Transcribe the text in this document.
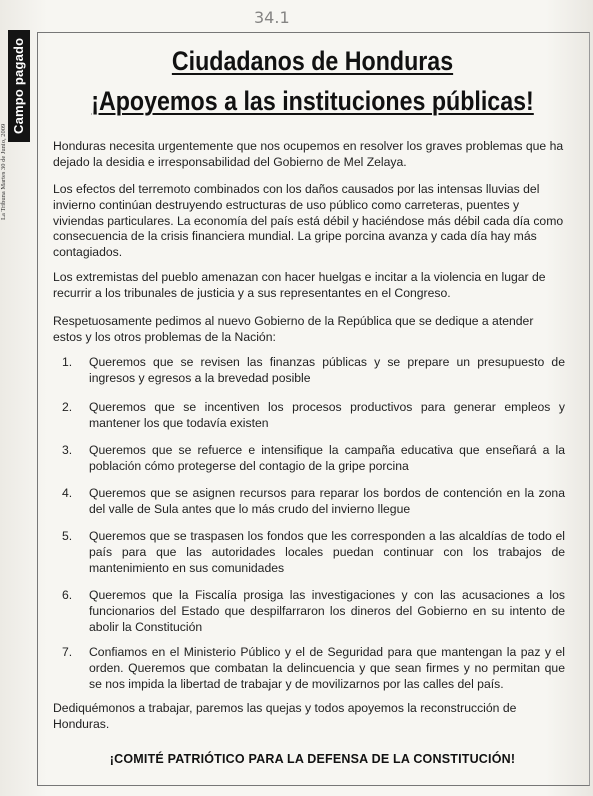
34.1
La Tribuna Martes 30 de Junio, 2009
Campo pagado	Ciudadanos de Honduras
¡Apoyemos a las instituciones públicas!
Honduras necesita urgentemente que nos ocupemos en resolver los graves problemas que ha dejado la desidia e irresponsabilidad del Gobierno de Mel Zelaya.
Los efectos del terremoto combinados con los daños causados por las intensas lluvias del invierno continúan destruyendo estructuras de uso público como carreteras, puentes y viviendas particulares. La economía del país está débil y haciéndose más débil cada día como consecuencia de la crisis financiera mundial. La gripe porcina avanza y cada día hay más contagiados.
Los extremistas del pueblo amenazan con hacer huelgas e incitar a la violencia en lugar de recurrir a los tribunales de justicia y a sus representantes en el Congreso.
Respetuosamente pedimos al nuevo Gobierno de la República que se dedique a atender estos y los otros problemas de la Nación:
1. Queremos que se revisen las finanzas públicas y se prepare un presupuesto de ingresos y egresos a la brevedad posible
2. Queremos que se incentiven los procesos productivos para generar empleos y mantener los que todavía existen
3. Queremos que se refuerce e intensifique la campaña educativa que enseñará a la población cómo protegerse del contagio de la gripe porcina
4. Queremos que se asignen recursos para reparar los bordos de contención en la zona del valle de Sula antes que lo más crudo del invierno llegue
5. Queremos que se traspasen los fondos que les corresponden a las alcaldías de todo el país para que las autoridades locales puedan continuar con los trabajos de mantenimiento en sus comunidades
6. Queremos que la Fiscalía prosiga las investigaciones y con las acusaciones a los funcionarios del Estado que despilfarraron los dineros del Gobierno en su intento de abolir la Constitución
7. Confiamos en el Ministerio Público y el de Seguridad para que mantengan la paz y el orden. Queremos que combatan la delincuencia y que sean firmes y no permitan que se nos impida la libertad de trabajar y de movilizarnos por las calles del país.
Dediquémonos a trabajar, paremos las quejas y todos apoyemos la reconstrucción de Honduras.
¡COMITÉ PATRIÓTICO PARA LA DEFENSA DE LA CONSTITUCIÓN!
